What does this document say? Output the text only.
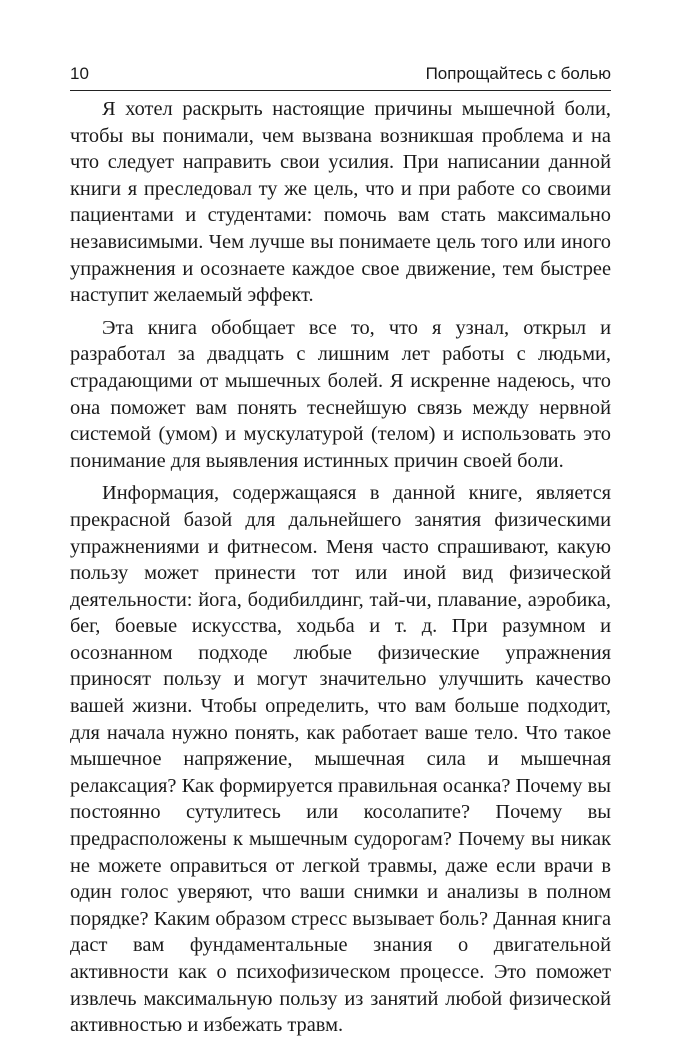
10	Попрощайтесь с болью

Я хотел раскрыть настоящие причины мышечной боли, чтобы вы понимали, чем вызвана возникшая проблема и на что следует направить свои усилия. При написании данной книги я преследовал ту же цель, что и при работе со своими пациентами и студентами: помочь вам стать максимально независимыми. Чем лучше вы понимаете цель того или иного упражнения и осознаете каждое свое движение, тем быстрее наступит желаемый эффект.

Эта книга обобщает все то, что я узнал, открыл и разработал за двадцать с лишним лет работы с людьми, страдающими от мышечных болей. Я искренне надеюсь, что она поможет вам понять теснейшую связь между нервной системой (умом) и мускулатурой (телом) и использовать это понимание для выявления истинных причин своей боли.

Информация, содержащаяся в данной книге, является прекрасной базой для дальнейшего занятия физическими упражнениями и фитнесом. Меня часто спрашивают, какую пользу может принести тот или иной вид физической деятельности: йога, бодибилдинг, тай-чи, плавание, аэробика, бег, боевые искусства, ходьба и т. д. При разумном и осознанном подходе любые физические упражнения приносят пользу и могут значительно улучшить качество вашей жизни. Чтобы определить, что вам больше подходит, для начала нужно понять, как работает ваше тело. Что такое мышечное напряжение, мышечная сила и мышечная релаксация? Как формируется правильная осанка? Почему вы постоянно сутулитесь или косолапите? Почему вы предрасположены к мышечным судорогам? Почему вы никак не можете оправиться от легкой травмы, даже если врачи в один голос уверяют, что ваши снимки и анализы в полном порядке? Каким образом стресс вызывает боль? Данная книга даст вам фундаментальные знания о двигательной активности как о психофизическом процессе. Это поможет извлечь максимальную пользу из занятий любой физической активностью и избежать травм.
